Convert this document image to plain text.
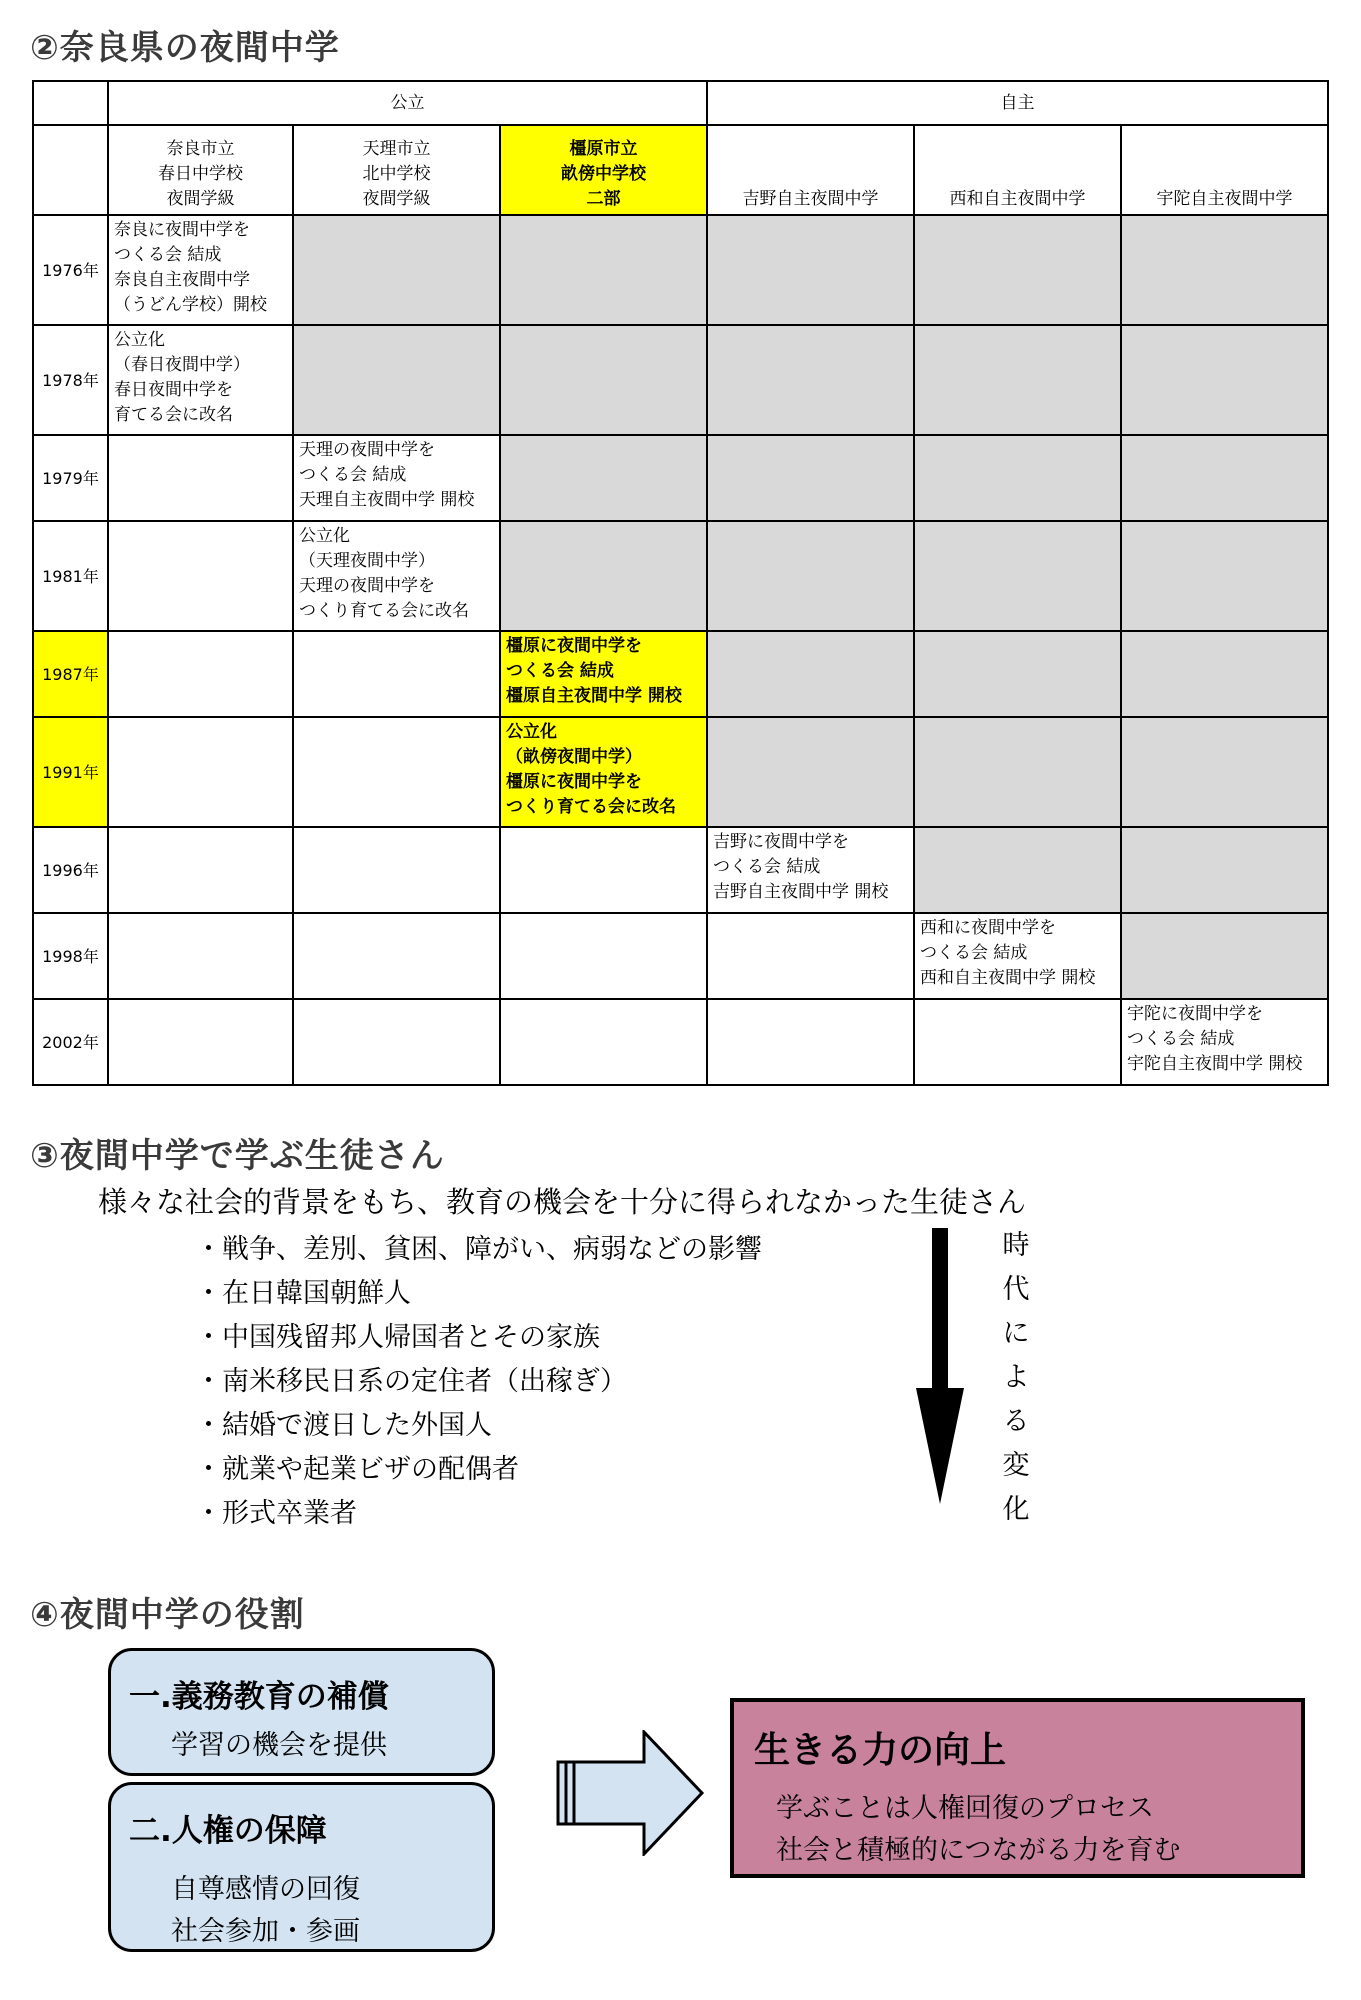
②奈良県の夜間中学
	公立			自主		

	奈良市立
春日中学校
夜間学級	天理市立
北中学校
夜間学級	橿原市立
畝傍中学校
二部	吉野自主夜間中学	西和自主夜間中学	宇陀自主夜間中学
1976年	奈良に夜間中学を
つくる会 結成
奈良自主夜間中学
（うどん学校）開校					

1978年	公立化
（春日夜間中学）
春日夜間中学を
育てる会に改名					

1979年		天理の夜間中学を
つくる会 結成
天理自主夜間中学 開校				

1981年		公立化
（天理夜間中学）
天理の夜間中学を
つくり育てる会に改名				

1987年			橿原に夜間中学を
つくる会 結成
橿原自主夜間中学 開校			

1991年			公立化
（畝傍夜間中学）
橿原に夜間中学を
つくり育てる会に改名			

1996年				吉野に夜間中学を
つくる会 結成
吉野自主夜間中学 開校		

1998年					西和に夜間中学を
つくる会 結成
西和自主夜間中学 開校	

2002年						宇陀に夜間中学を
つくる会 結成
宇陀自主夜間中学 開校
③夜間中学で学ぶ生徒さん

様々な社会的背景をもち、教育の機会を十分に得られなかった生徒さん

・戦争、差別、貧困、障がい、病弱などの影響
・在日韓国朝鮮人
・中国残留邦人帰国者とその家族
・南米移民日系の定住者（出稼ぎ）
・結婚で渡日した外国人
・就業や起業ビザの配偶者
・形式卒業者
時
代
に
よ
る
変
化
④夜間中学の役割
一.義務教育の補償
学習の機会を提供
二.人権の保障
自尊感情の回復
社会参加・参画
生きる力の向上
学ぶことは人権回復のプロセス
社会と積極的につながる力を育む
